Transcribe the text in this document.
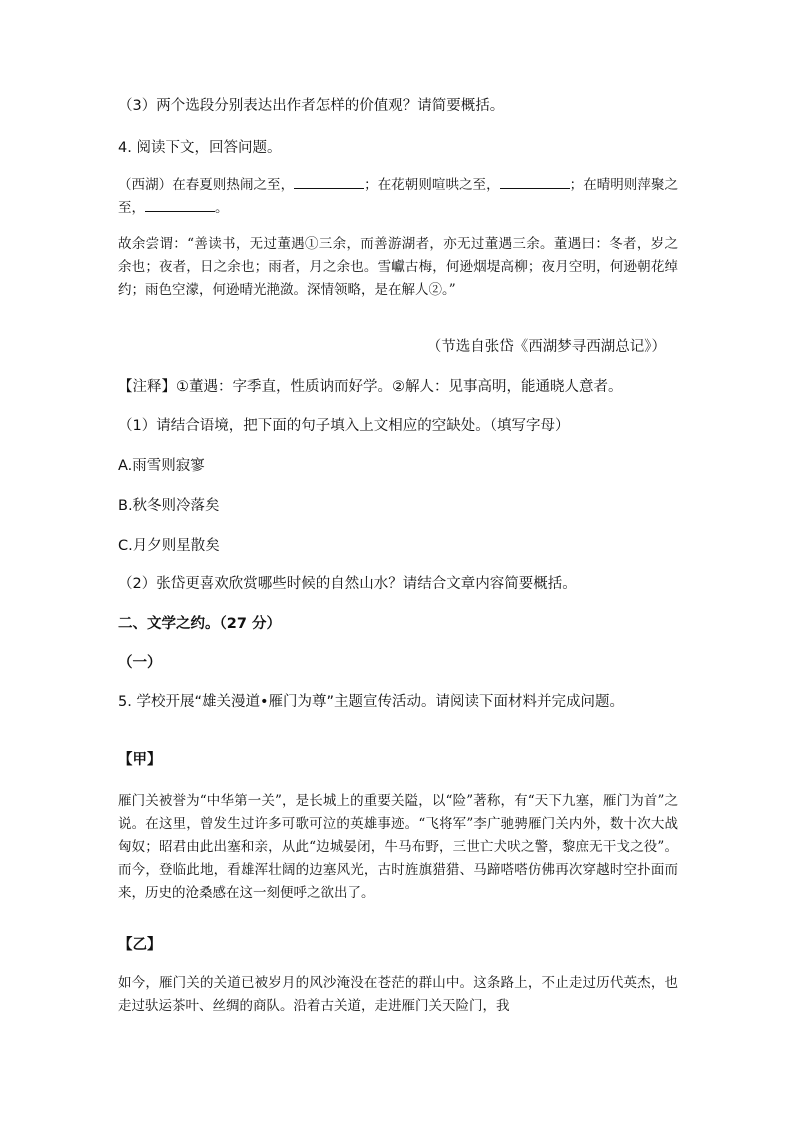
（3）两个选段分别表达出作者怎样的价值观？请简要概括。

4. 阅读下文，回答问题。

（西湖）在春夏则热闹之至，	；在花朝则喧哄之至，	；在晴明则萍聚之至，	。

故余尝谓：“善读书，无过董遇①三余，而善游湖者，亦无过董遇三余。董遇曰：冬者，岁之余也；夜者，日之余也；雨者，月之余也。雪巘古梅，何逊烟堤高柳；夜月空明，何逊朝花绰约；雨色空濛，何逊晴光滟潋。深情领略，是在解人②。”

（节选自张岱《西湖梦寻西湖总记》）

【注释】①董遇：字季直，性质讷而好学。②解人：见事高明，能通晓人意者。

（1）请结合语境，把下面的句子填入上文相应的空缺处。（填写字母）

A.雨雪则寂寥

B.秋冬则冷落矣

C.月夕则星散矣

（2）张岱更喜欢欣赏哪些时候的自然山水？请结合文章内容简要概括。

二、文学之约。（27 分）

（一）

5. 学校开展“雄关漫道•雁门为尊”主题宣传活动。请阅读下面材料并完成问题。

【甲】

雁门关被誉为“中华第一关”，是长城上的重要关隘，以“险”著称，有“天下九塞，雁门为首”之说。在这里，曾发生过许多可歌可泣的英雄事迹。“飞将军”李广驰骋雁门关内外，数十次大战匈奴；昭君由此出塞和亲，从此“边城晏闭，牛马布野，三世亡犬吠之警，黎庶无干戈之役”。而今，登临此地，看雄浑壮阔的边塞风光，古时旌旗猎猎、马蹄嗒嗒仿佛再次穿越时空扑面而来，历史的沧桑感在这一刻便呼之欲出了。

【乙】

如今，雁门关的关道已被岁月的风沙淹没在苍茫的群山中。这条路上，不止走过历代英杰，也走过驮运茶叶、丝绸的商队。沿着古关道，走进雁门关天险门，我
